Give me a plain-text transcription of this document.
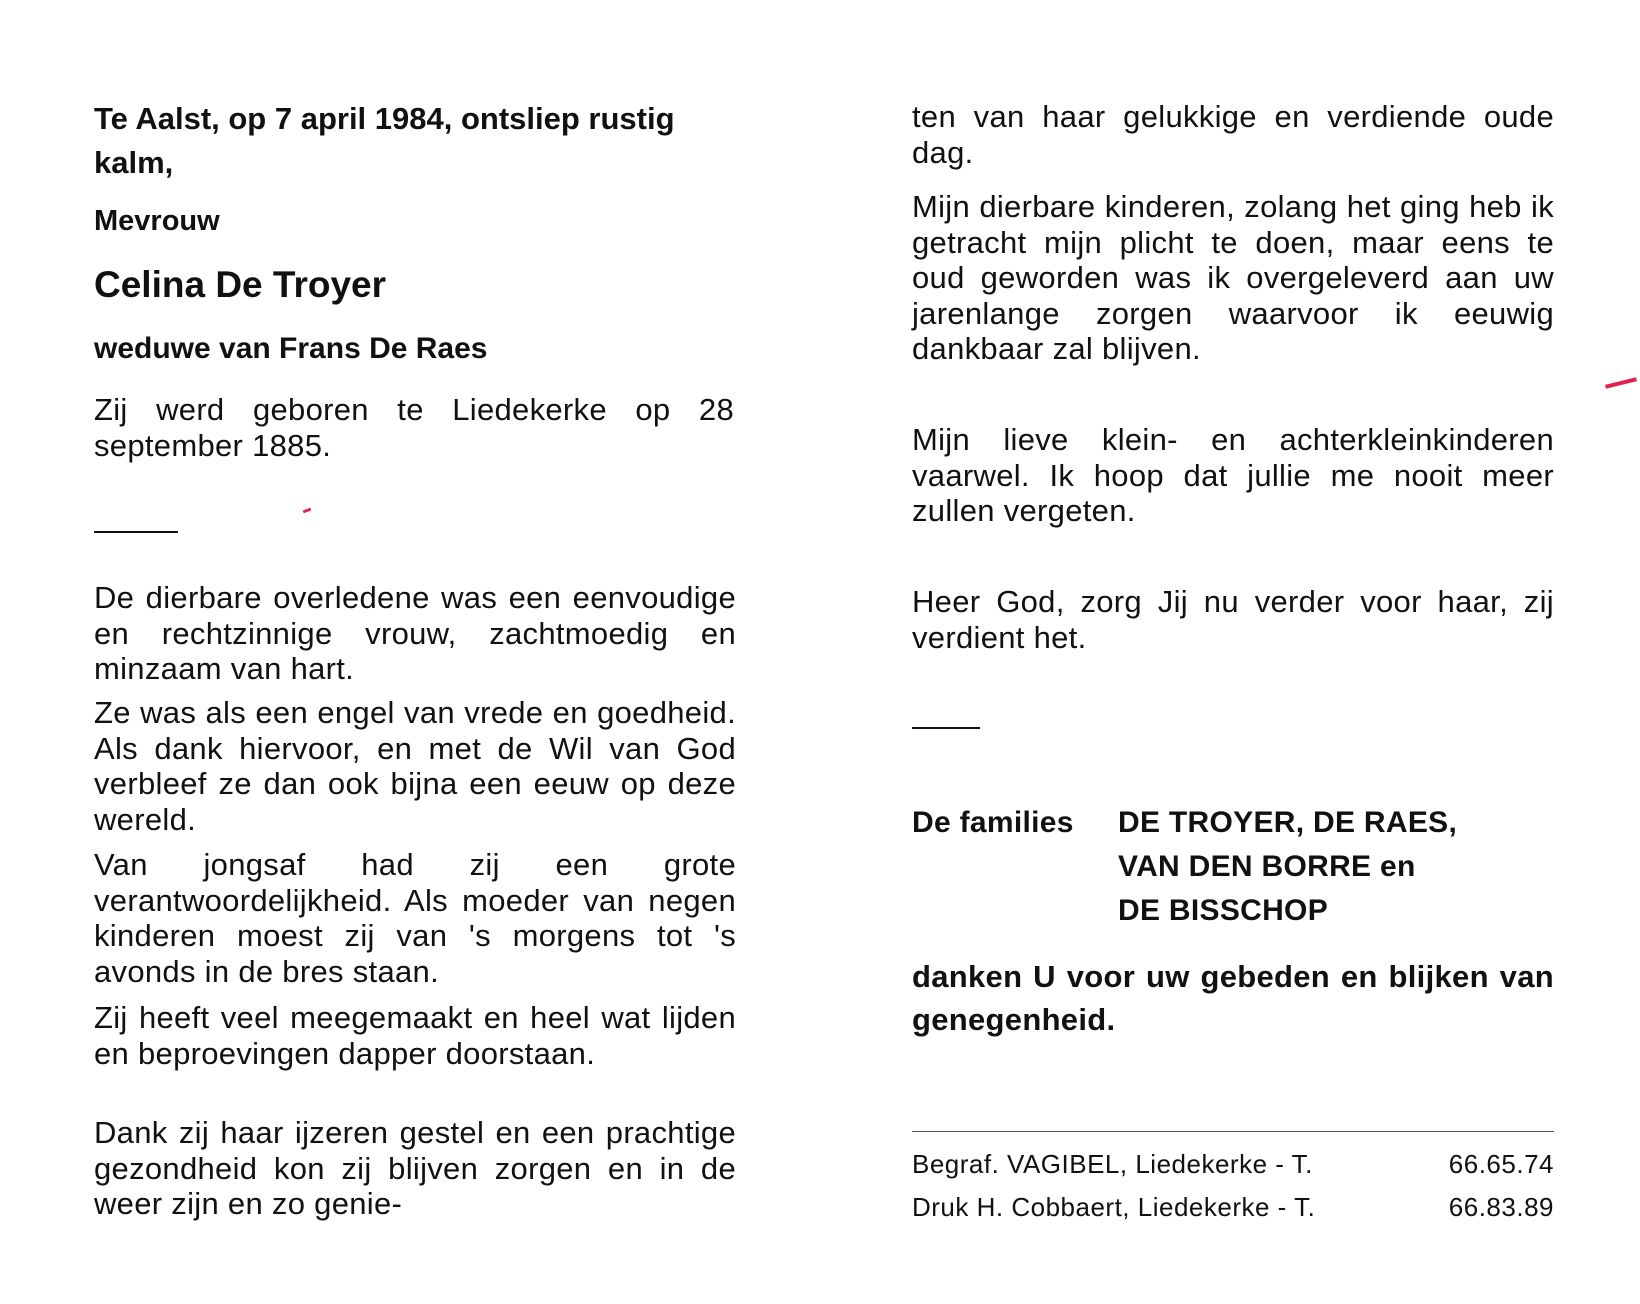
Te Aalst, op 7 april 1984, ontsliep rustig kalm,

Mevrouw

Celina De Troyer

weduwe van Frans De Raes

Zij werd geboren te Liedekerke op 28 september 1885.

De dierbare overledene was een eenvoudige en rechtzinnige vrouw, zachtmoedig en minzaam van hart.

Ze was als een engel van vrede en goedheid. Als dank hiervoor, en met de Wil van God verbleef ze dan ook bijna een eeuw op deze wereld.

Van jongsaf had zij een grote verantwoordelijkheid. Als moeder van negen kinderen moest zij van 's morgens tot 's avonds in de bres staan.

Zij heeft veel meegemaakt en heel wat lijden en beproevingen dapper doorstaan.

Dank zij haar ijzeren gestel en een prachtige gezondheid kon zij blijven zorgen en in de weer zijn en zo genie-

ten van haar gelukkige en verdiende oude dag.

Mijn dierbare kinderen, zolang het ging heb ik getracht mijn plicht te doen, maar eens te oud geworden was ik overgeleverd aan uw jarenlange zorgen waarvoor ik eeuwig dankbaar zal blijven.

Mijn lieve klein- en achterkleinkinderen vaarwel. Ik hoop dat jullie me nooit meer zullen vergeten.

Heer God, zorg Jij nu verder voor haar, zij verdient het.

De families DE TROYER, DE RAES,
VAN DEN BORRE en
DE BISSCHOP

danken U voor uw gebeden en blijken van genegenheid.

Begraf. VAGIBEL, Liedekerke - T.	66.65.74
Druk H. Cobbaert, Liedekerke - T.	66.83.89
